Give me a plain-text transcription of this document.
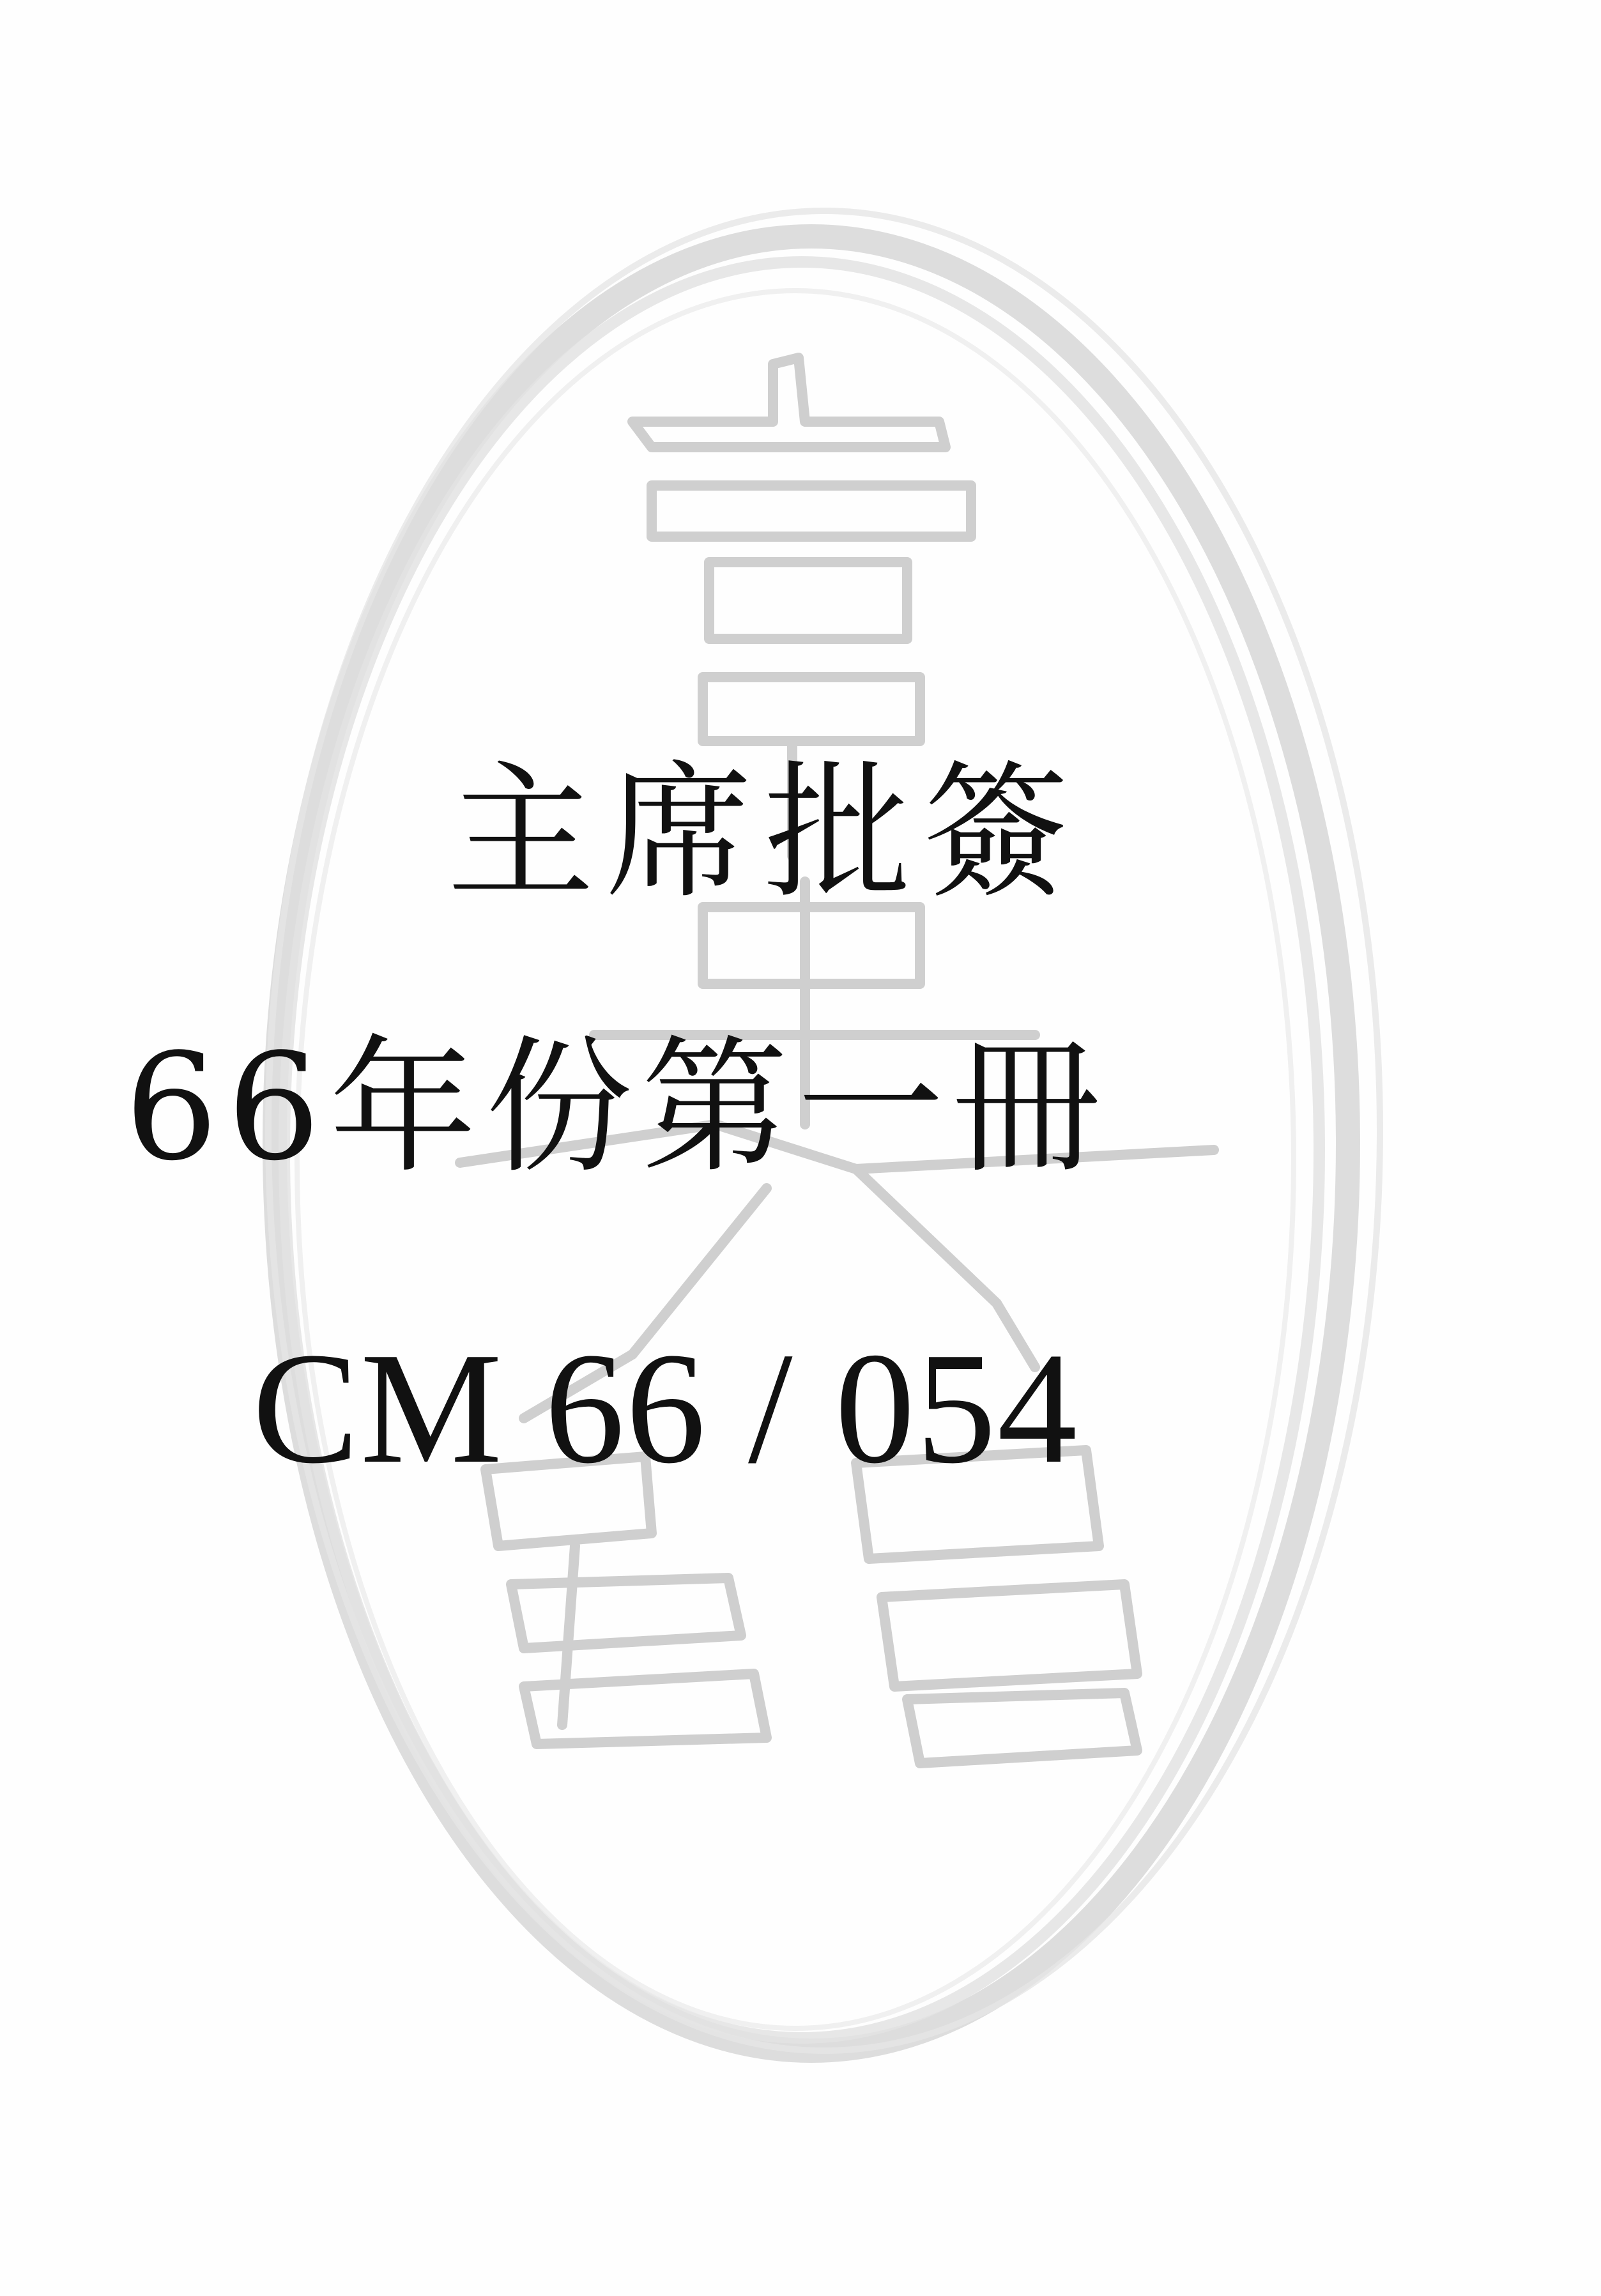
主席批簽
66年份第一冊
CM 66 / 054
